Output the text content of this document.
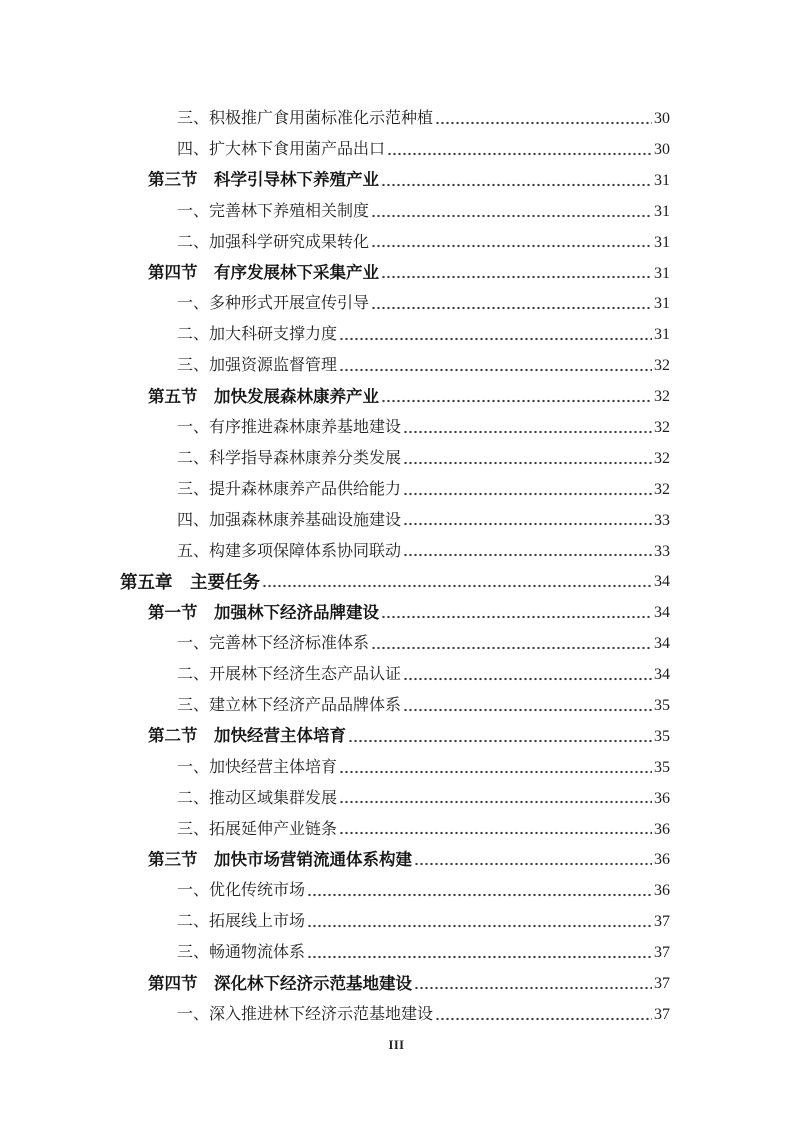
三、积极推广食用菌标准化示范种植	30
四、扩大林下食用菌产品出口	30
第三节　科学引导林下养殖产业	31
一、完善林下养殖相关制度	31
二、加强科学研究成果转化	31
第四节　有序发展林下采集产业	31
一、多种形式开展宣传引导	31
二、加大科研支撑力度	31
三、加强资源监督管理	32
第五节　加快发展森林康养产业	32
一、有序推进森林康养基地建设	32
二、科学指导森林康养分类发展	32
三、提升森林康养产品供给能力	32
四、加强森林康养基础设施建设	33
五、构建多项保障体系协同联动	33
第五章　主要任务	34
第一节　加强林下经济品牌建设	34
一、完善林下经济标准体系	34
二、开展林下经济生态产品认证	34
三、建立林下经济产品品牌体系	35
第二节　加快经营主体培育	35
一、加快经营主体培育	35
二、推动区域集群发展	36
三、拓展延伸产业链条	36
第三节　加快市场营销流通体系构建	36
一、优化传统市场	36
二、拓展线上市场	37
三、畅通物流体系	37
第四节　深化林下经济示范基地建设	37
一、深入推进林下经济示范基地建设	37
III
